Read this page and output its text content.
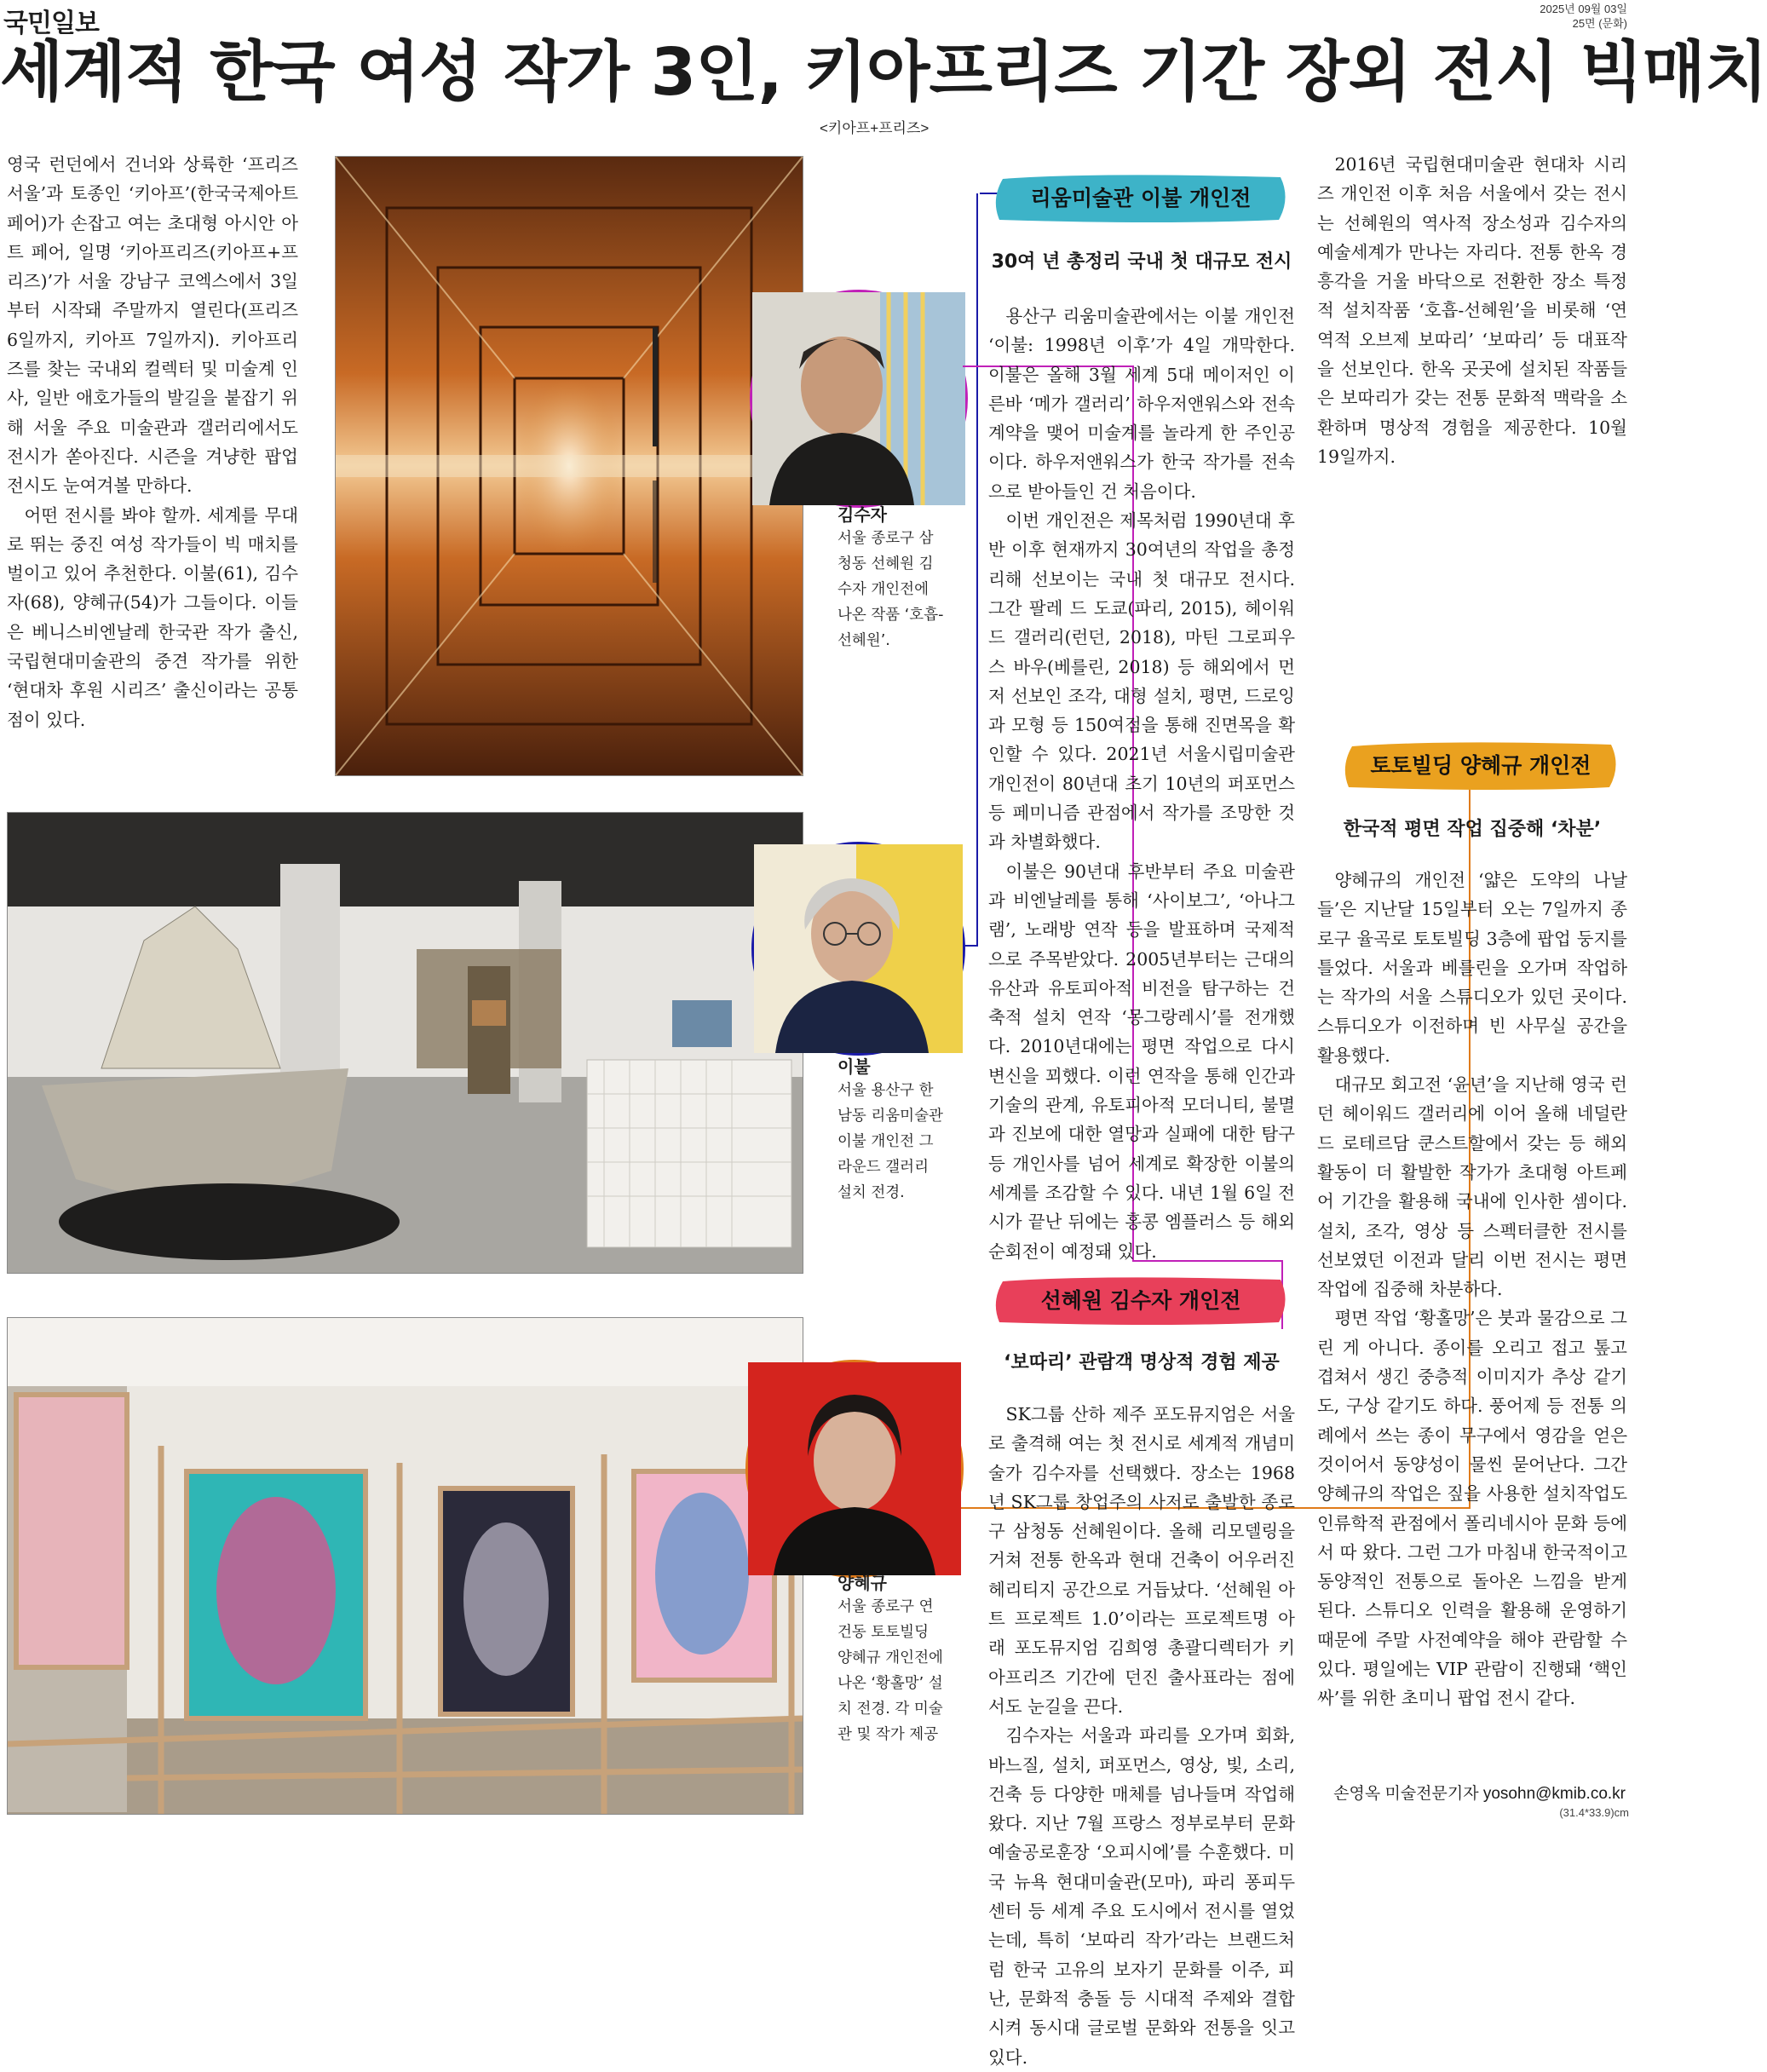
국민일보	2025년 09월 03일
25면 (문화)
세계적 한국 여성 작가 3인, 키아프리즈 기간 장외 전시 빅매치
<키아프+프리즈>

영국 런던에서 건너와 상륙한 ‘프리즈 서울’과 토종인 ‘키아프’(한국국제아트페어)가 손잡고 여는 초대형 아시안 아트 페어, 일명 ‘키아프리즈(키아프+프리즈)’가 서울 강남구 코엑스에서 3일부터 시작돼 주말까지 열린다(프리즈 6일까지, 키아프 7일까지). 키아프리즈를 찾는 국내외 컬렉터 및 미술계 인사, 일반 애호가들의 발길을 붙잡기 위해 서울 주요 미술관과 갤러리에서도 전시가 쏟아진다. 시즌을 겨냥한 팝업 전시도 눈여겨볼 만하다.

어떤 전시를 봐야 할까. 세계를 무대로 뛰는 중진 여성 작가들이 빅 매치를 벌이고 있어 추천한다. 이불(61), 김수자(68), 양혜규(54)가 그들이다. 이들은 베니스비엔날레 한국관 작가 출신, 국립현대미술관의 중견 작가를 위한 ‘현대차 후원 시리즈’ 출신이라는 공통점이 있다.

김수자
서울 종로구 삼청동 선혜원 김수자 개인전에 나온 작품 ‘호흡-선혜원’.
이불
서울 용산구 한남동 리움미술관 이불 개인전 그라운드 갤러리 설치 전경.
양혜규
서울 종로구 연건동 토토빌딩 양혜규 개인전에 나온 ‘황홀망’ 설치 전경. 각 미술관 및 작가 제공
리움미술관 이불 개인전
30여 년 총정리 국내 첫 대규모 전시

용산구 리움미술관에서는 이불 개인전 ‘이불: 1998년 이후’가 4일 개막한다. 이불은 올해 3월 세계 5대 메이저인 이른바 ‘메가 갤러리’ 하우저앤워스와 전속계약을 맺어 미술계를 놀라게 한 주인공이다. 하우저앤워스가 한국 작가를 전속으로 받아들인 건 처음이다.

이번 개인전은 제목처럼 1990년대 후반 이후 현재까지 30여년의 작업을 총정리해 선보이는 국내 첫 대규모 전시다. 그간 팔레 드 도쿄(파리, 2015), 헤이워드 갤러리(런던, 2018), 마틴 그로피우스 바우(베를린, 2018) 등 해외에서 먼저 선보인 조각, 대형 설치, 평면, 드로잉과 모형 등 150여점을 통해 진면목을 확인할 수 있다. 2021년 서울시립미술관 개인전이 80년대 초기 10년의 퍼포먼스 등 페미니즘 관점에서 작가를 조망한 것과 차별화했다.

이불은 90년대 후반부터 주요 미술관과 비엔날레를 통해 ‘사이보그’, ‘아나그램’, 노래방 연작 등을 발표하며 국제적으로 주목받았다. 2005년부터는 근대의 유산과 유토피아적 비전을 탐구하는 건축적 설치 연작 ‘몽그랑레시’를 전개했다. 2010년대에는 평면 작업으로 다시 변신을 꾀했다. 이런 연작을 통해 인간과 기술의 관계, 유토피아적 모더니티, 불멸과 진보에 대한 열망과 실패에 대한 탐구 등 개인사를 넘어 세계로 확장한 이불의 세계를 조감할 수 있다. 내년 1월 6일 전시가 끝난 뒤에는 홍콩 엠플러스 등 해외 순회전이 예정돼 있다.

선혜원 김수자 개인전
‘보따리’ 관람객 명상적 경험 제공

SK그룹 산하 제주 포도뮤지엄은 서울로 출격해 여는 첫 전시로 세계적 개념미술가 김수자를 선택했다. 장소는 1968년 SK그룹 창업주의 사저로 출발한 종로구 삼청동 선혜원이다. 올해 리모델링을 거쳐 전통 한옥과 현대 건축이 어우러진 헤리티지 공간으로 거듭났다. ‘선혜원 아트 프로젝트 1.0’이라는 프로젝트명 아래 포도뮤지엄 김희영 총괄디렉터가 키아프리즈 기간에 던진 출사표라는 점에서도 눈길을 끈다.

김수자는 서울과 파리를 오가며 회화, 바느질, 설치, 퍼포먼스, 영상, 빛, 소리, 건축 등 다양한 매체를 넘나들며 작업해 왔다. 지난 7월 프랑스 정부로부터 문화예술공로훈장 ‘오피시에’를 수훈했다. 미국 뉴욕 현대미술관(모마), 파리 퐁피두센터 등 세계 주요 도시에서 전시를 열었는데, 특히 ‘보따리 작가’라는 브랜드처럼 한국 고유의 보자기 문화를 이주, 피난, 문화적 충돌 등 시대적 주제와 결합시켜 동시대 글로벌 문화와 전통을 잇고 있다.

2016년 국립현대미술관 현대차 시리즈 개인전 이후 처음 서울에서 갖는 전시는 선혜원의 역사적 장소성과 김수자의 예술세계가 만나는 자리다. 전통 한옥 경흥각을 거울 바닥으로 전환한 장소 특정적 설치작품 ‘호흡-선혜원’을 비롯해 ‘연역적 오브제 보따리’ ‘보따리’ 등 대표작을 선보인다. 한옥 곳곳에 설치된 작품들은 보따리가 갖는 전통 문화적 맥락을 소환하며 명상적 경험을 제공한다. 10월 19일까지.

토토빌딩 양혜규 개인전
한국적 평면 작업 집중해 ‘차분’

양혜규의 개인전 ‘얇은 도약의 나날들’은 지난달 15일부터 오는 7일까지 종로구 율곡로 토토빌딩 3층에 팝업 둥지를 틀었다. 서울과 베를린을 오가며 작업하는 작가의 서울 스튜디오가 있던 곳이다. 스튜디오가 이전하며 빈 사무실 공간을 활용했다.

대규모 회고전 ‘윤년’을 지난해 영국 런던 헤이워드 갤러리에 이어 올해 네덜란드 로테르담 쿤스트할에서 갖는 등 해외 활동이 더 활발한 작가가 초대형 아트페어 기간을 활용해 국내에 인사한 셈이다. 설치, 조각, 영상 등 스펙터클한 전시를 선보였던 이전과 달리 이번 전시는 평면 작업에 집중해 차분하다.

평면 작업 ‘황홀망’은 붓과 물감으로 그린 게 아니다. 종이를 오리고 접고 톺고 겹쳐서 생긴 중층적 이미지가 추상 같기도, 구상 같기도 하다. 풍어제 등 전통 의례에서 쓰는 종이 무구에서 영감을 얻은 것이어서 동양성이 물씬 묻어난다. 그간 양혜규의 작업은 짚을 사용한 설치작업도 인류학적 관점에서 폴리네시아 문화 등에서 따 왔다. 그런 그가 마침내 한국적이고 동양적인 전통으로 돌아온 느낌을 받게 된다. 스튜디오 인력을 활용해 운영하기 때문에 주말 사전예약을 해야 관람할 수 있다. 평일에는 VIP 관람이 진행돼 ‘핵인싸’를 위한 초미니 팝업 전시 같다.

손영옥 미술전문기자 yosohn@kmib.co.kr
(31.4*33.9)cm
